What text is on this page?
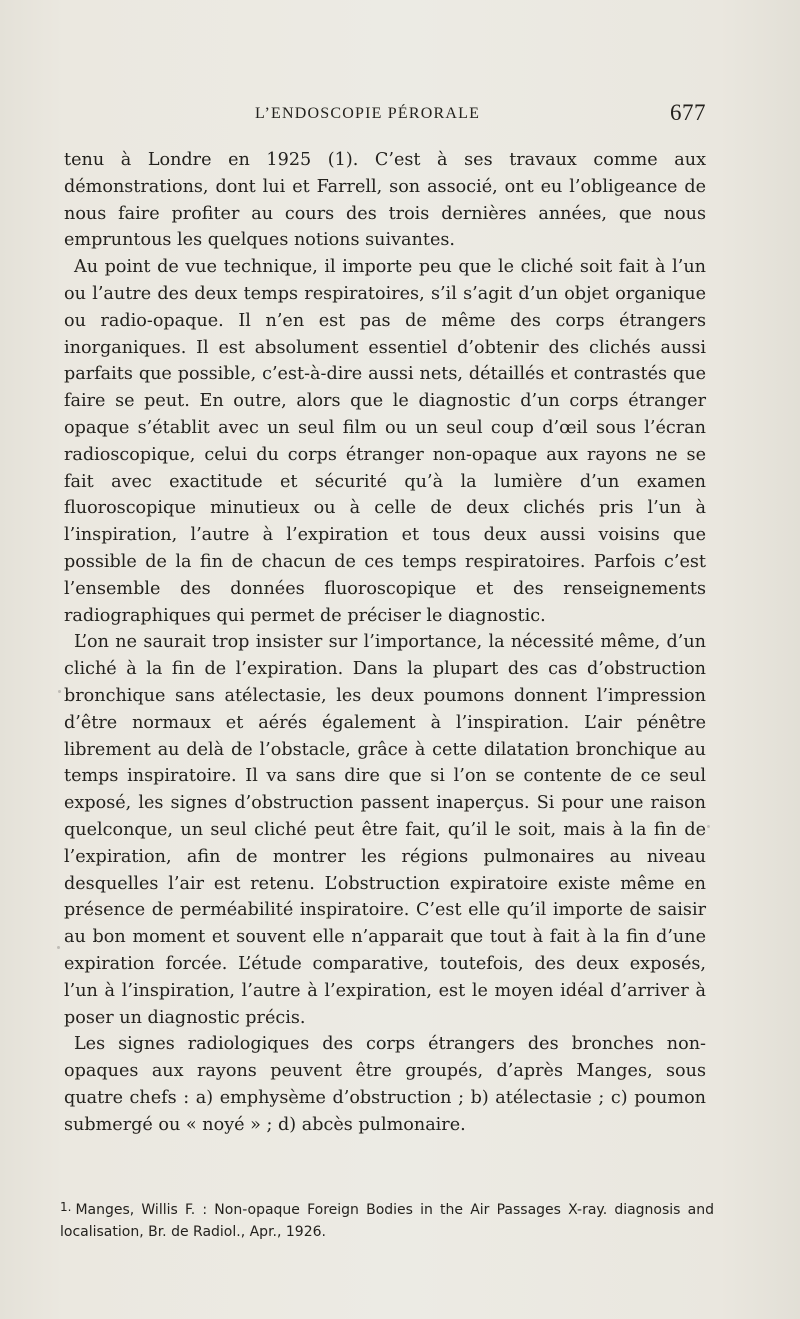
L’ENDOSCOPIE PÉRORALE	677

tenu à Londre en 1925 (1). C’est à ses travaux comme aux démonstrations, dont lui et Farrell, son associé, ont eu l’obligeance de nous faire profiter au cours des trois dernières années, que nous empruntous les quelques notions suivantes.

Au point de vue technique, il importe peu que le cliché soit fait à l’un ou l’autre des deux temps respiratoires, s’il s’agit d’un objet organique ou radio-opaque. Il n’en est pas de même des corps étrangers inorganiques. Il est absolument essentiel d’obtenir des clichés aussi parfaits que possible, c’est-à-dire aussi nets, détaillés et contrastés que faire se peut. En outre, alors que le diagnostic d’un corps étranger opaque s’établit avec un seul film ou un seul coup d’œil sous l’écran radioscopique, celui du corps étranger non-opaque aux rayons ne se fait avec exactitude et sécurité qu’à la lumière d’un examen fluoroscopique minutieux ou à celle de deux clichés pris l’un à l’inspiration, l’autre à l’expiration et tous deux aussi voisins que possible de la fin de chacun de ces temps respiratoires. Parfois c’est l’ensemble des données fluoroscopique et des renseignements radiographiques qui permet de préciser le diagnostic.

L’on ne saurait trop insister sur l’importance, la nécessité même, d’un cliché à la fin de l’expiration. Dans la plupart des cas d’obstruction bronchique sans atélectasie, les deux poumons donnent l’impression d’être normaux et aérés également à l’inspiration. L’air pénêtre librement au delà de l’obstacle, grâce à cette dilatation bronchique au temps inspiratoire. Il va sans dire que si l’on se contente de ce seul exposé, les signes d’obstruction passent inaperçus. Si pour une raison quelconque, un seul cliché peut être fait, qu’il le soit, mais à la fin de l’expiration, afin de montrer les régions pulmonaires au niveau desquelles l’air est retenu. L’obstruction expiratoire existe même en présence de perméabilité inspiratoire. C’est elle qu’il importe de saisir au bon moment et souvent elle n’apparait que tout à fait à la fin d’une expiration forcée. L’étude comparative, toutefois, des deux exposés, l’un à l’inspiration, l’autre à l’expiration, est le moyen idéal d’arriver à poser un diagnostic précis.

Les signes radiologiques des corps étrangers des bronches non-opaques aux rayons peuvent être groupés, d’après Manges, sous quatre chefs : a) emphysème d’obstruction ; b) atélectasie ; c) poumon submergé ou « noyé » ; d) abcès pulmonaire.

1. Manges, Willis F. : Non-opaque Foreign Bodies in the Air Passages X-ray. diagnosis and localisation, Br. de Radiol., Apr., 1926.
